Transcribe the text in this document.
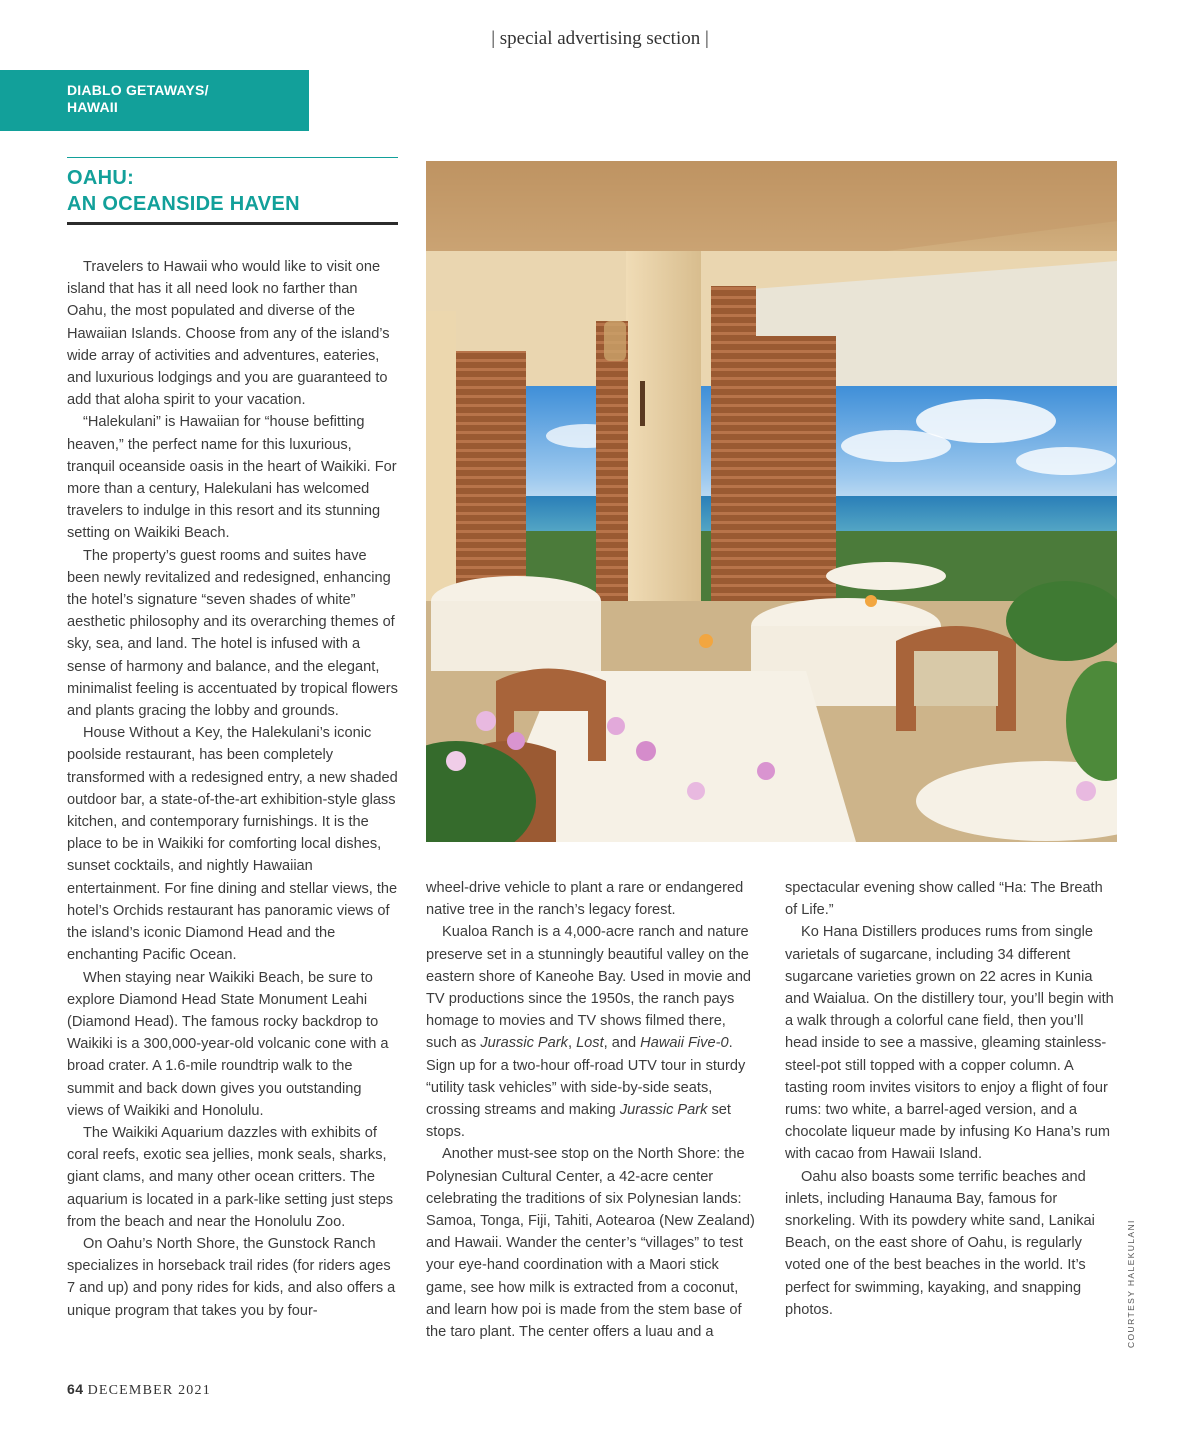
| special advertising section |
DIABLO GETAWAYS/
HAWAII
OAHU:
AN OCEANSIDE HAVEN

Travelers to Hawaii who would like to visit one island that has it all need look no farther than Oahu, the most populated and diverse of the Hawaiian Islands. Choose from any of the island’s wide array of activities and adventures, eateries, and luxurious lodgings and you are guaranteed to add that aloha spirit to your vacation.

“Halekulani” is Hawaiian for “house befitting heaven,” the perfect name for this luxurious, tranquil oceanside oasis in the heart of Waikiki. For more than a century, Halekulani has welcomed travelers to indulge in this resort and its stunning setting on Waikiki Beach.

The property’s guest rooms and suites have been newly revitalized and redesigned, enhancing the hotel’s signature “seven shades of white” aesthetic philosophy and its overarching themes of sky, sea, and land. The hotel is infused with a sense of harmony and balance, and the elegant, minimalist feeling is accentuated by tropical flowers and plants gracing the lobby and grounds.

House Without a Key, the Halekulani’s iconic poolside restaurant, has been completely transformed with a redesigned entry, a new shaded outdoor bar, a state-of-the-art exhibition-style glass kitchen, and contemporary furnishings. It is the place to be in Waikiki for comforting local dishes, sunset cocktails, and nightly Hawaiian entertainment. For fine dining and stellar views, the hotel’s Orchids restaurant has panoramic views of the island’s iconic Diamond Head and the enchanting Pacific Ocean.

When staying near Waikiki Beach, be sure to explore Diamond Head State Monument Leahi (Diamond Head). The famous rocky backdrop to Waikiki is a 300,000-year-old volcanic cone with a broad crater. A 1.6-mile roundtrip walk to the summit and back down gives you outstanding views of Waikiki and Honolulu.

The Waikiki Aquarium dazzles with exhibits of coral reefs, exotic sea jellies, monk seals, sharks, giant clams, and many other ocean critters. The aquarium is located in a park-like setting just steps from the beach and near the Honolulu Zoo.

On Oahu’s North Shore, the Gunstock Ranch specializes in horseback trail rides (for riders ages 7 and up) and pony rides for kids, and also offers a unique program that takes you by four-

wheel-drive vehicle to plant a rare or endangered native tree in the ranch’s legacy forest.

Kualoa Ranch is a 4,000-acre ranch and nature preserve set in a stunningly beautiful valley on the eastern shore of Kaneohe Bay. Used in movie and TV productions since the 1950s, the ranch pays homage to movies and TV shows filmed there, such as Jurassic Park, Lost, and Hawaii Five-0. Sign up for a two-hour off-road UTV tour in sturdy “utility task vehicles” with side-by-side seats, crossing streams and making Jurassic Park set stops.

Another must-see stop on the North Shore: the Polynesian Cultural Center, a 42-acre center celebrating the traditions of six Polynesian lands: Samoa, Tonga, Fiji, Tahiti, Aotearoa (New Zealand) and Hawaii. Wander the center’s “villages” to test your eye-hand coordination with a Maori stick game, see how milk is extracted from a coconut, and learn how poi is made from the stem base of the taro plant. The center offers a luau and a

spectacular evening show called “Ha: The Breath of Life.”

Ko Hana Distillers produces rums from single varietals of sugarcane, including 34 different sugarcane varieties grown on 22 acres in Kunia and Waialua. On the distillery tour, you’ll begin with a walk through a colorful cane field, then you’ll head inside to see a massive, gleaming stainless-steel-pot still topped with a copper column. A tasting room invites visitors to enjoy a flight of four rums: two white, a barrel-aged version, and a chocolate liqueur made by infusing Ko Hana’s rum with cacao from Hawaii Island.

Oahu also boasts some terrific beaches and inlets, including Hanauma Bay, famous for snorkeling. With its powdery white sand, Lanikai Beach, on the east shore of Oahu, is regularly voted one of the best beaches in the world. It’s perfect for swimming, kayaking, and snapping photos.	COURTESY HALEKULANI
64 DECEMBER 2021
